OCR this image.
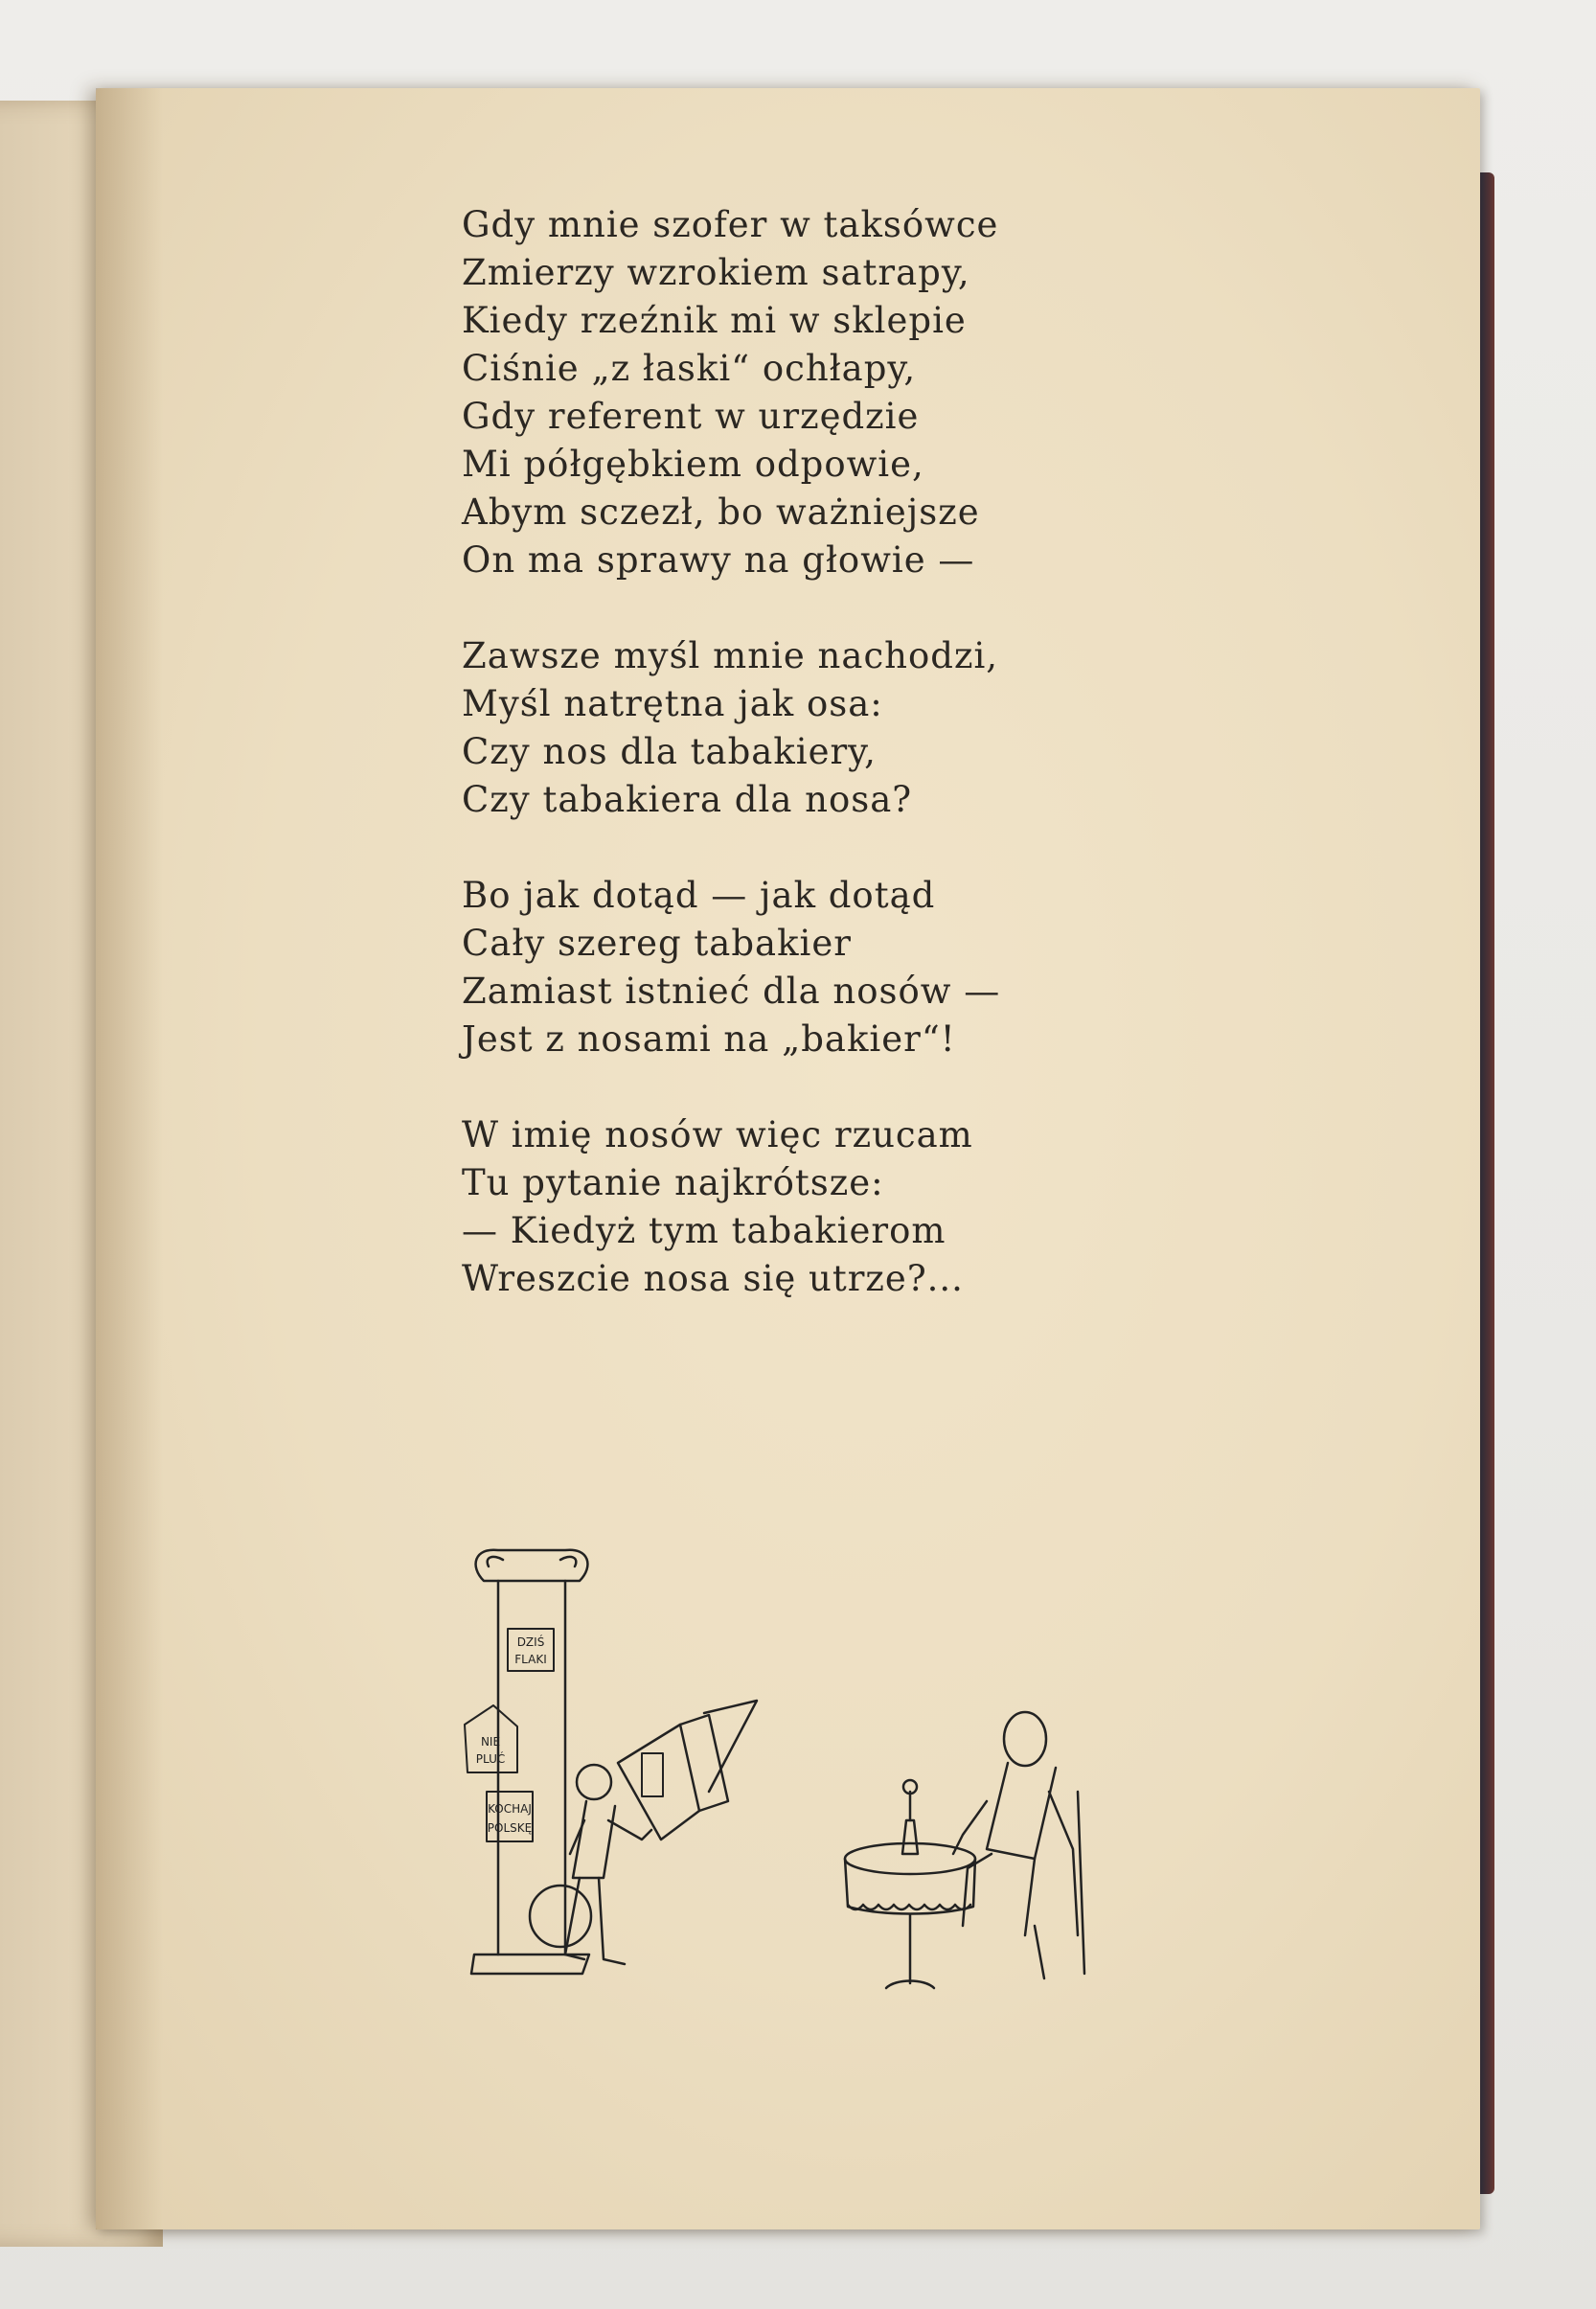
Gdy mnie szofer w taksówce
Zmierzy wzrokiem satrapy,
Kiedy rzeźnik mi w sklepie
Ciśnie „z łaski“ ochłapy,
Gdy referent w urzędzie
Mi półgębkiem odpowie,
Abym sczezł, bo ważniejsze
On ma sprawy na głowie —
Zawsze myśl mnie nachodzi,
Myśl natrętna jak osa:
Czy nos dla tabakiery,
Czy tabakiera dla nosa?
Bo jak dotąd — jak dotąd
Cały szereg tabakier
Zamiast istnieć dla nosów —
Jest z nosami na „bakier“!
W imię nosów więc rzucam
Tu pytanie najkrótsze:
— Kiedyż tym tabakierom
Wreszcie nosa się utrze?...
DZIŚ
FLAKI
NIE
PLUĆ
KOCHAJ
POLSKĘ
